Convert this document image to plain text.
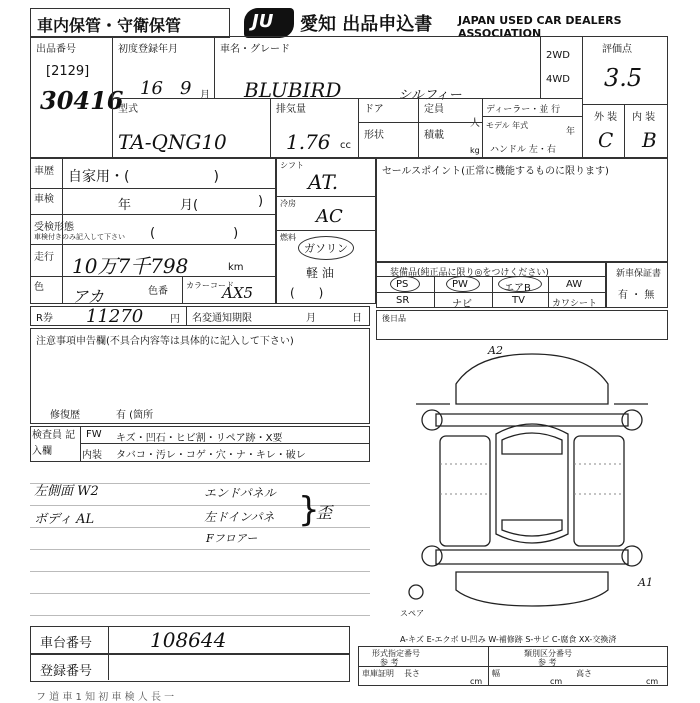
車内保管・守衛保管	JU 愛知 出品申込書 JAPAN USED CAR DEALERS ASSOCIATION
出品番号
[2129]
30416
初度登録年月
16 9 月
車名・グレード
BLUBIRD	シルフィー
2WD
4WD
評価点
3.5
外 装 内 装
C B
型式
TA-QNG10
排気量
1.76 cc
ドア	定員
人
ディーラー・並 行
モデル 年式
年
ハンドル 左・右
形状	積載
kg
車歴 自家用・(　　　　　　)
車検	年	月(	)
受検形態
車検付きのみ記入して下さい (　　　　　　)
走行 10万7千798	km
色 アカ	色番
カラーコード
AX5
シフト
AT.
冷房
AC
燃料
ガソリン
軽 油
(　　)
セールスポイント(正常に機能するものに限ります)
装備品(純正品に限り◎をつけください)
PS	PW	エアB	AW
SR	ナビ	TV	カワシート
新車保証書
有 ・ 無
R券 11270	円 名変通知期限	月	日	後日品
注意事項申告欄(不具合内容等は具体的に記入して下さい)
修復歴	有 (箇所
検査員 記入欄
FW キズ・凹石・ヒビ割・リペア跡・X要
内装 タバコ・汚レ・コゲ・穴・ナ・キレ・破レ
左側面 W2
ボディ AL
エンドパネル
左ドインパネ
Fフロアー
}
歪
A2
A1
スペア
A-キズ E-エクボ U-凹み W-補修跡 S-サビ C-腐食 XX-交換済
車台番号	108644
登録番号
形式指定番号
参 考
類別区分番号
参 考
車庫証明 長さ
cm
幅
cm
高さ
cm
フ 道 車 1 知 初 車 検 人 長 一
